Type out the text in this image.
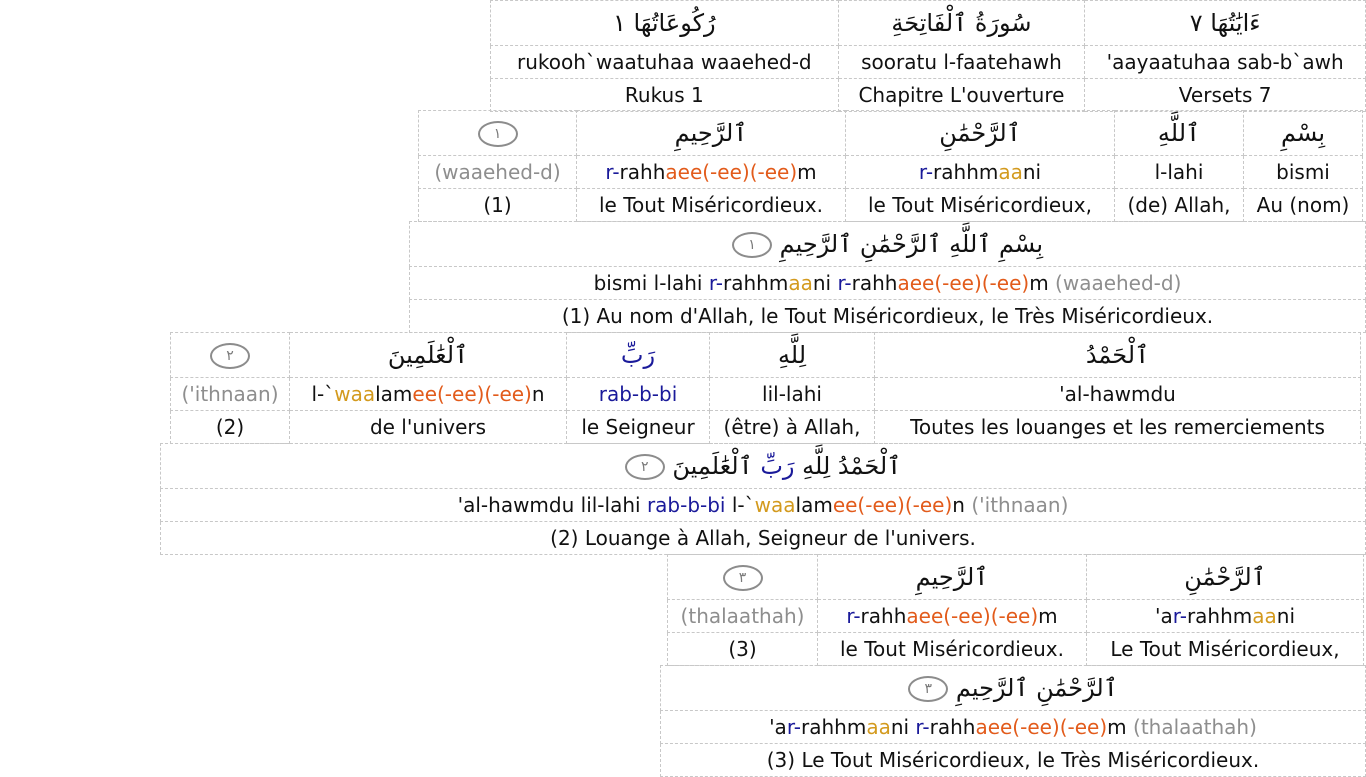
رُكُوعَاتُهَا ١	سُورَةُ ٱلْفَاتِحَةِ	ءَايَٰتُهَا ٧
rukooh`waatuhaa waaehed-d	sooratu l-faatehawh	'aayaatuhaa sab-b`awh
Rukus 1	Chapitre L'ouverture	Versets 7
١	ٱلرَّحِيمِ	ٱلرَّحْمَٰنِ	ٱللَّهِ	بِسْمِ
(waaehed-d)	r-rahhaee(-ee)(-ee)m	r-rahhmaani	l-lahi	bismi
(1)	le Tout Miséricordieux.	le Tout Miséricordieux,	(de) Allah,	Au (nom)
١ بِسْمِ ٱللَّهِ ٱلرَّحْمَٰنِ ٱلرَّحِيمِ
bismi l-lahi r-rahhmaani r-rahhaee(-ee)(-ee)m (waaehed-d)
(1) Au nom d'Allah, le Tout Miséricordieux, le Très Miséricordieux.
٢	ٱلْعَٰلَمِينَ	رَبِّ	لِلَّهِ	ٱلْحَمْدُ
('ithnaan)	l-`waalamee(-ee)(-ee)n	rab-b-bi	lil-lahi	'al-hawmdu
(2)	de l'univers	le Seigneur	(être) à Allah,	Toutes les louanges et les remerciements
٢	ٱلْحَمْدُ لِلَّهِ رَبِّ ٱلْعَٰلَمِينَ
'al-hawmdu lil-lahi rab-b-bi l-`waalamee(-ee)(-ee)n ('ithnaan)
(2) Louange à Allah, Seigneur de l'univers.
٣	ٱلرَّحِيمِ	ٱلرَّحْمَٰنِ
(thalaathah)	r-rahhaee(-ee)(-ee)m	'ar-rahhmaani
(3)	le Tout Miséricordieux.	Le Tout Miséricordieux,
٣ ٱلرَّحْمَٰنِ ٱلرَّحِيمِ
'ar-rahhmaani r-rahhaee(-ee)(-ee)m (thalaathah)
(3) Le Tout Miséricordieux, le Très Miséricordieux.
